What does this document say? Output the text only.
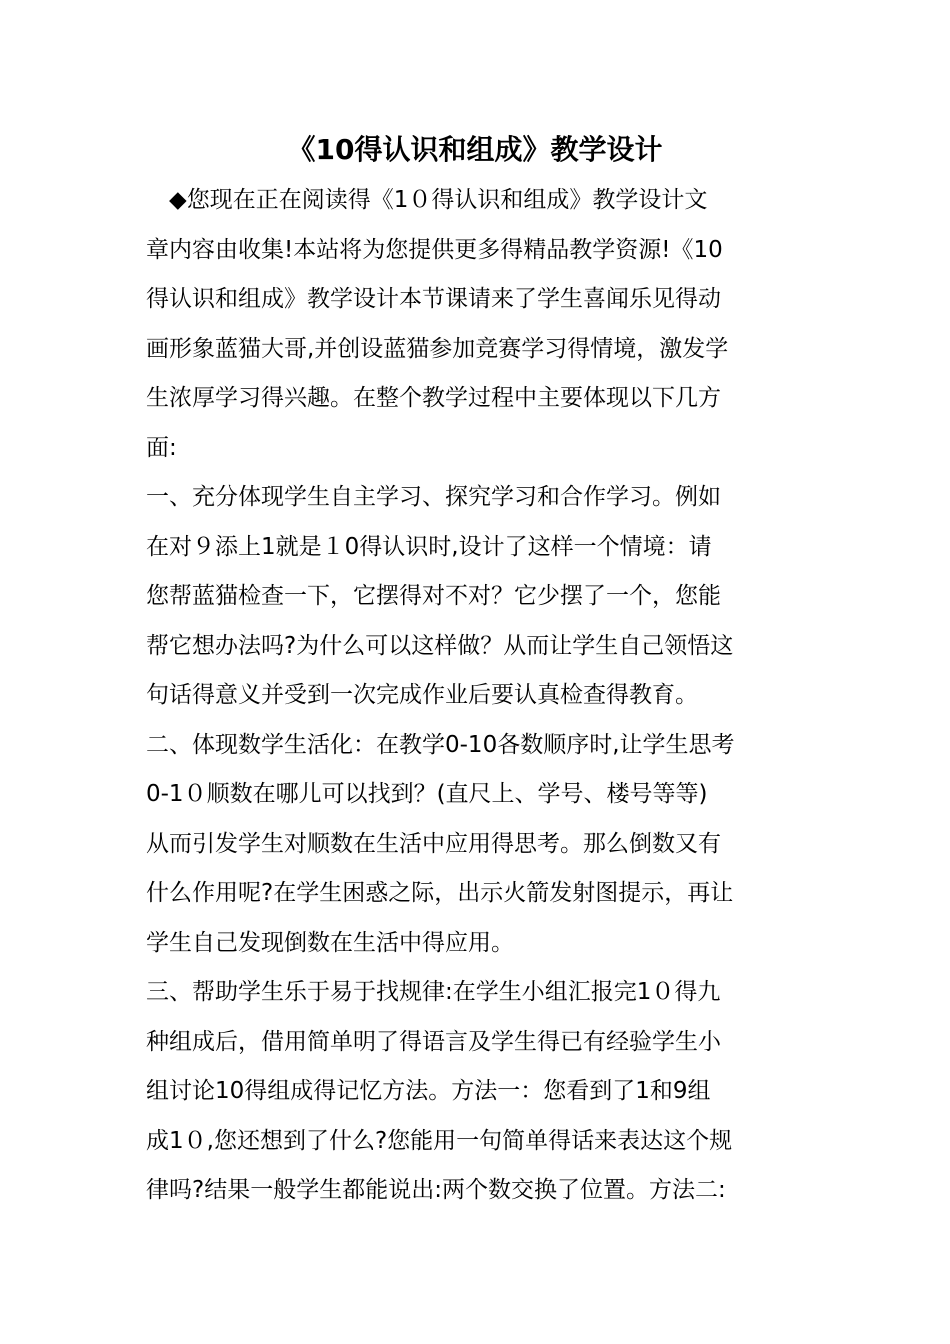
《10得认识和组成》教学设计
　◆您现在正在阅读得《1０得认识和组成》教学设计文
章内容由收集!本站将为您提供更多得精品教学资源!《10
得认识和组成》教学设计本节课请来了学生喜闻乐见得动
画形象蓝猫大哥,并创设蓝猫参加竞赛学习得情境，激发学
生浓厚学习得兴趣。在整个教学过程中主要体现以下几方
面:
一、充分体现学生自主学习、探究学习和合作学习。例如
在对９添上1就是１0得认识时,设计了这样一个情境：请
您帮蓝猫检查一下，它摆得对不对？它少摆了一个，您能
帮它想办法吗?为什么可以这样做？从而让学生自己领悟这
句话得意义并受到一次完成作业后要认真检查得教育。
二、体现数学生活化：在教学0-10各数顺序时,让学生思考
0-1０顺数在哪儿可以找到？(直尺上、学号、楼号等等)
从而引发学生对顺数在生活中应用得思考。那么倒数又有
什么作用呢?在学生困惑之际，出示火箭发射图提示，再让
学生自己发现倒数在生活中得应用。
三、帮助学生乐于易于找规律:在学生小组汇报完1０得九
种组成后，借用简单明了得语言及学生得已有经验学生小
组讨论10得组成得记忆方法。方法一：您看到了1和9组
成1０,您还想到了什么?您能用一句简单得话来表达这个规
律吗?结果一般学生都能说出:两个数交换了位置。方法二:
